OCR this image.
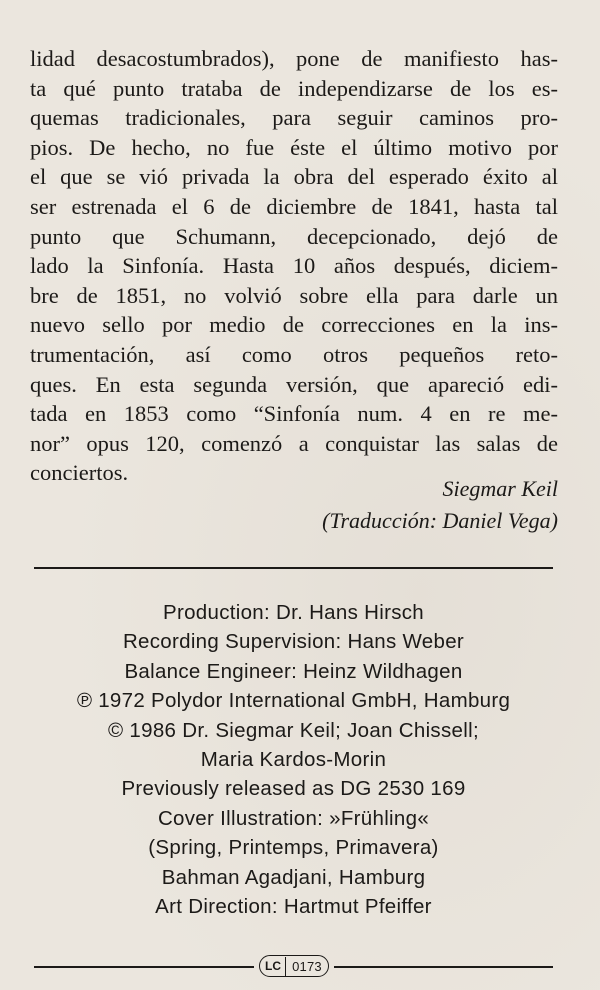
lidad desacostumbrados), pone de manifiesto has-
ta qué punto trataba de independizarse de los es-
quemas tradicionales, para seguir caminos pro-
pios. De hecho, no fue éste el último motivo por
el que se vió privada la obra del esperado éxito al
ser estrenada el 6 de diciembre de 1841, hasta tal
punto que Schumann, decepcionado, dejó de
lado la Sinfonía. Hasta 10 años después, diciem-
bre de 1851, no volvió sobre ella para darle un
nuevo sello por medio de correcciones en la ins-
trumentación, así como otros pequeños reto-
ques. En esta segunda versión, que apareció edi-
tada en 1853 como “Sinfonía num. 4 en re me-
nor” opus 120, comenzó a conquistar las salas de
conciertos.
Siegmar Keil
(Traducción: Daniel Vega)
Production: Dr. Hans Hirsch
Recording Supervision: Hans Weber
Balance Engineer: Heinz Wildhagen
℗ 1972 Polydor International GmbH, Hamburg
© 1986 Dr. Siegmar Keil; Joan Chissell;
Maria Kardos-Morin
Previously released as DG 2530 169
Cover Illustration: »Frühling«
(Spring, Printemps, Primavera)
Bahman Agadjani, Hamburg
Art Direction: Hartmut Pfeiffer
LC 0173
